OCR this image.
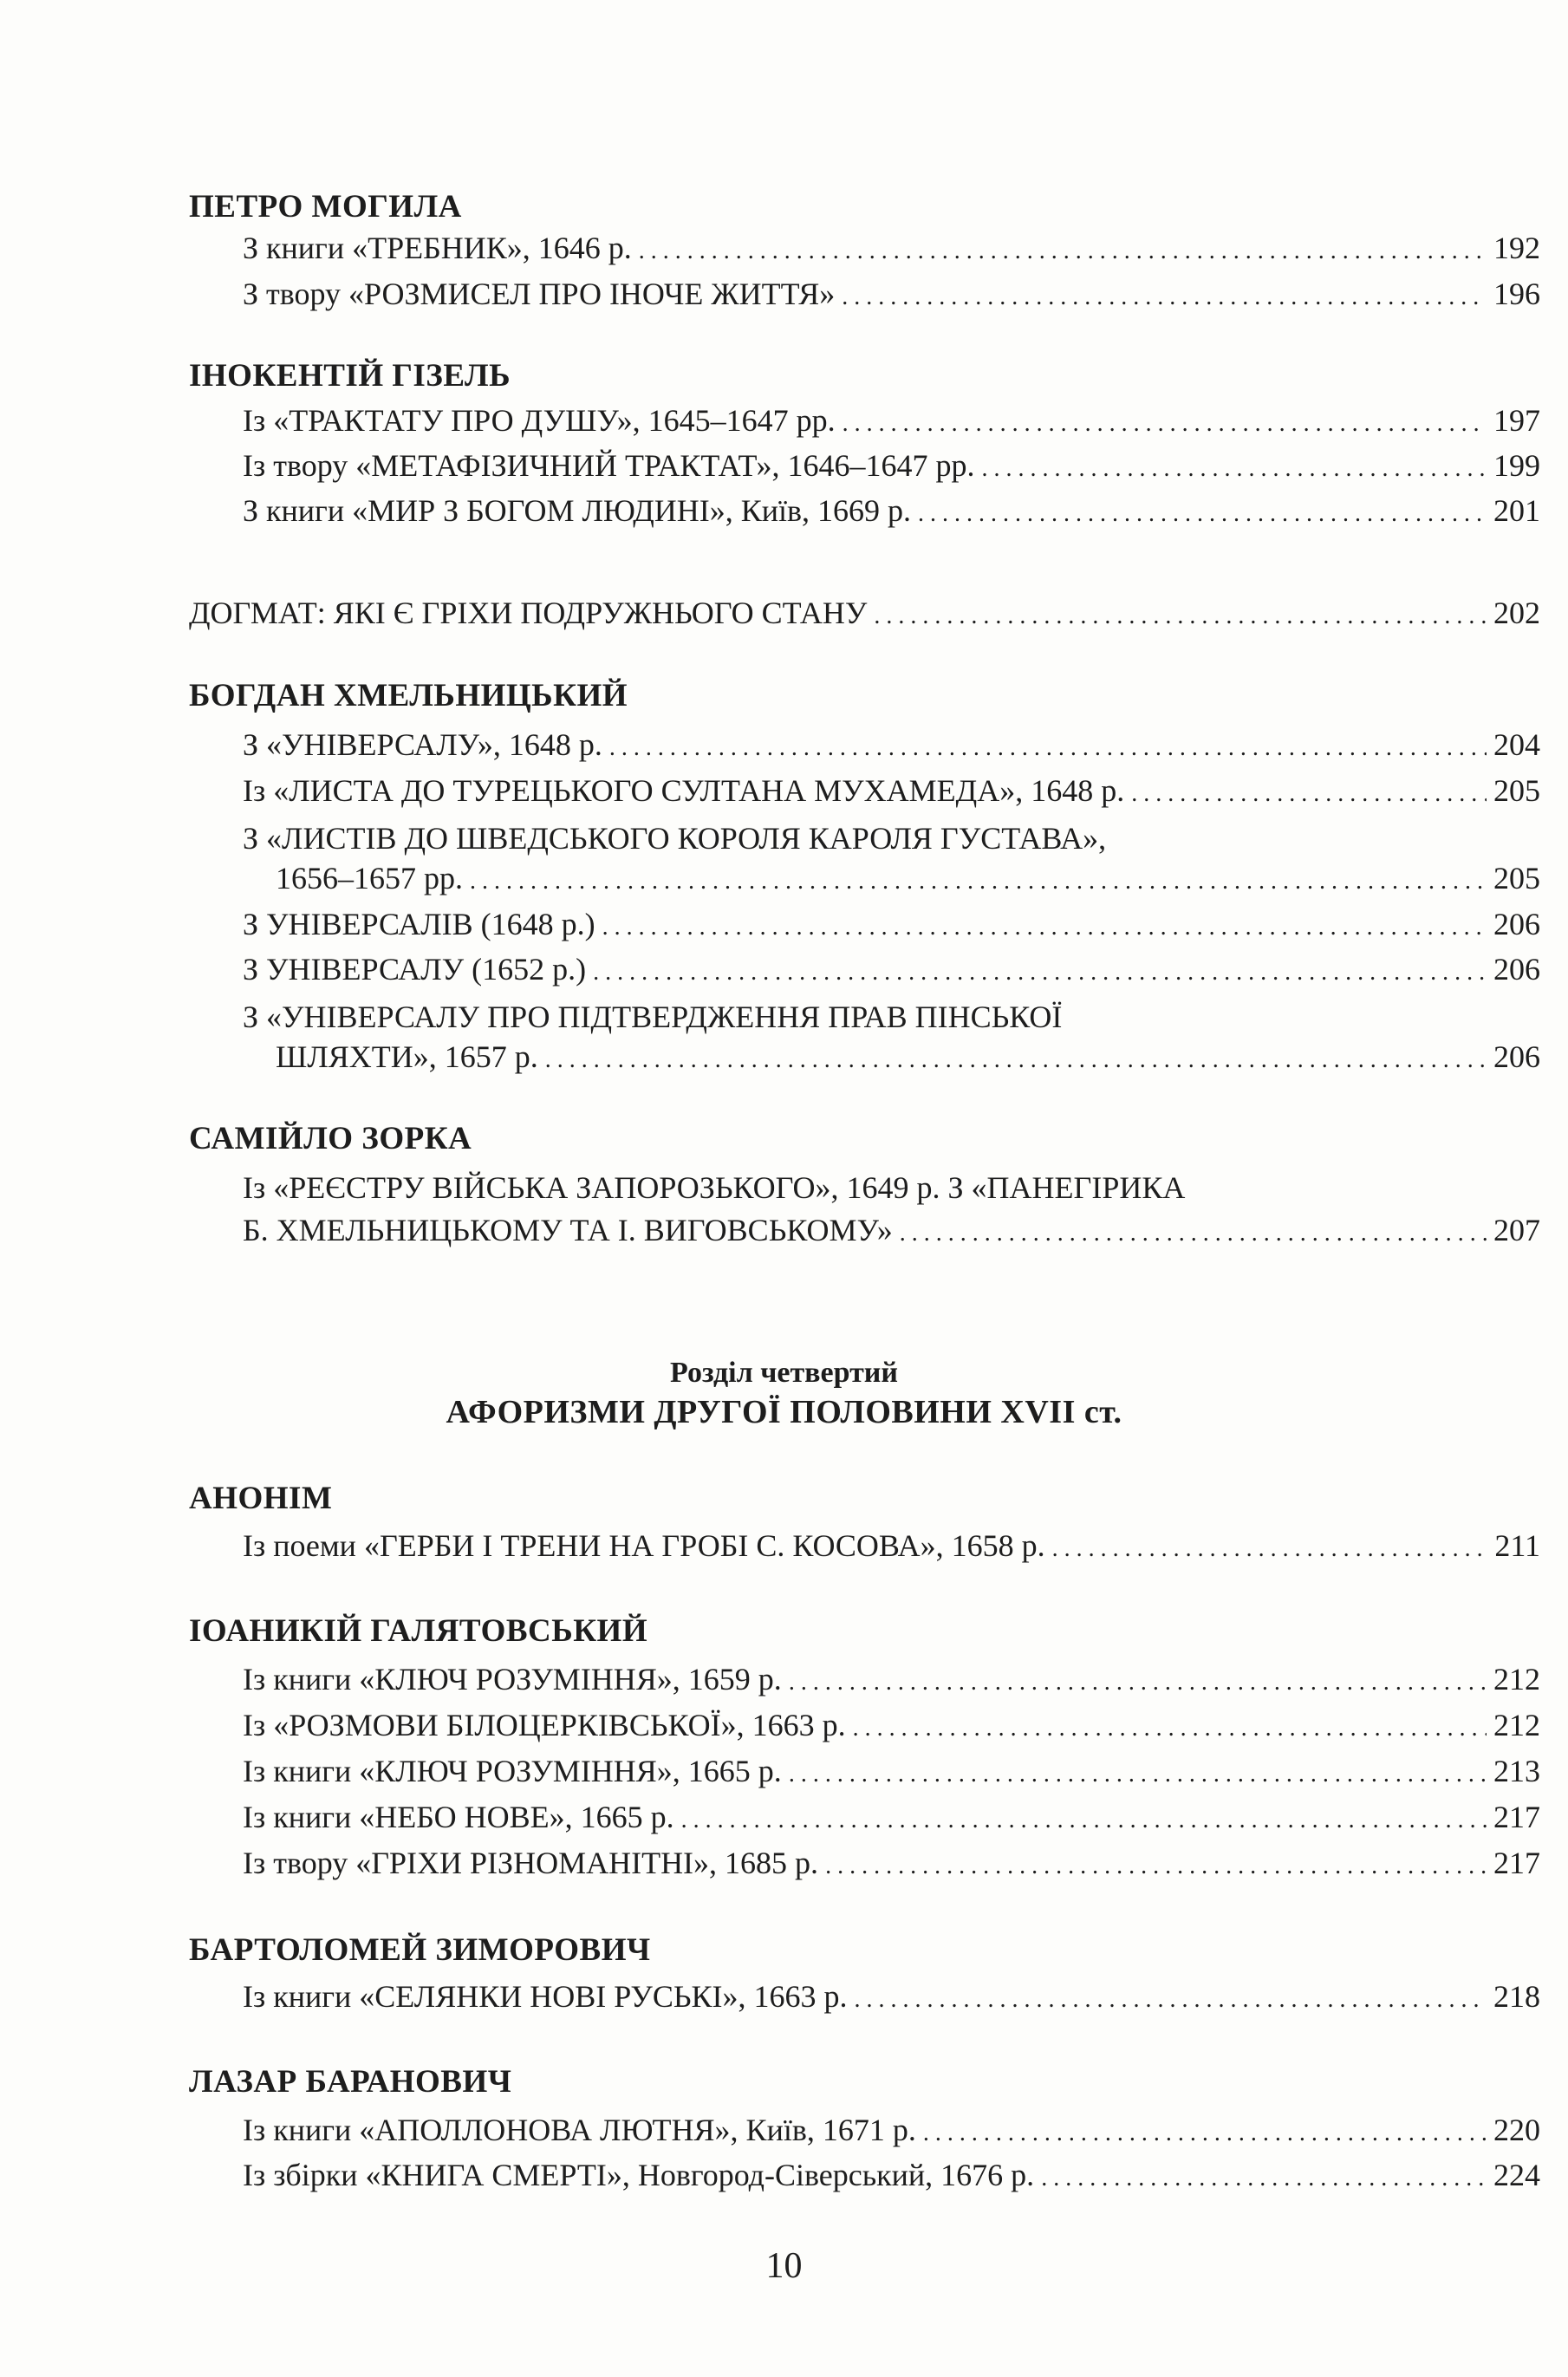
ПЕТРО МОГИЛА
З книги «ТРЕБНИК», 1646 р. . . .	192
З твору «РОЗМИСЕЛ ПРО ІНОЧЕ ЖИТТЯ» . . .	196
ІНОКЕНТІЙ ГІЗЕЛЬ
Із «ТРАКТАТУ ПРО ДУШУ», 1645–1647 рр. . . .	197
Із твору «МЕТАФІЗИЧНИЙ ТРАКТАТ», 1646–1647 рр. . . .	199
З книги «МИР З БОГОМ ЛЮДИНІ», Київ, 1669 р. . . .	201
ДОГМАТ: ЯКІ Є ГРІХИ ПОДРУЖНЬОГО СТАНУ . . .	202
БОГДАН ХМЕЛЬНИЦЬКИЙ
З «УНІВЕРСАЛУ», 1648 р. . . .	204
Із «ЛИСТА ДО ТУРЕЦЬКОГО СУЛТАНА МУХАМЕДА», 1648 р. . . .	205
З «ЛИСТІВ ДО ШВЕДСЬКОГО КОРОЛЯ КАРОЛЯ ГУСТАВА»,
1656–1657 рр. . . .	205
З УНІВЕРСАЛІВ (1648 р.) . . .	206
З УНІВЕРСАЛУ (1652 р.) . . .	206
З «УНІВЕРСАЛУ ПРО ПІДТВЕРДЖЕННЯ ПРАВ ПІНСЬКОЇ
ШЛЯХТИ», 1657 р. . . .	206
САМІЙЛО ЗОРКА
Із «РЕЄСТРУ ВІЙСЬКА ЗАПОРОЗЬКОГО», 1649 р. З «ПАНЕГІРИКА
Б. ХМЕЛЬНИЦЬКОМУ ТА І. ВИГОВСЬКОМУ» . . .	207
Розділ четвертий
АФОРИЗМИ ДРУГОЇ ПОЛОВИНИ XVII ст.
АНОНІМ
Із поеми «ГЕРБИ І ТРЕНИ НА ГРОБІ С. КОСОВА», 1658 р. . . .	211
ІОАНИКІЙ ГАЛЯТОВСЬКИЙ
Із книги «КЛЮЧ РОЗУМІННЯ», 1659 р. . . .	212
Із «РОЗМОВИ БІЛОЦЕРКІВСЬКОЇ», 1663 р. . . .	212
Із книги «КЛЮЧ РОЗУМІННЯ», 1665 р. . . .	213
Із книги «НЕБО НОВЕ», 1665 р. . . .	217
Із твору «ГРІХИ РІЗНОМАНІТНІ», 1685 р. . . .	217
БАРТОЛОМЕЙ ЗИМОРОВИЧ
Із книги «СЕЛЯНКИ НОВІ РУСЬКІ», 1663 р. . . .	218
ЛАЗАР БАРАНОВИЧ
Із книги «АПОЛЛОНОВА ЛЮТНЯ», Київ, 1671 р. . . .	220
Із збірки «КНИГА СМЕРТІ», Новгород-Сіверський, 1676 р. . . .	224
10
